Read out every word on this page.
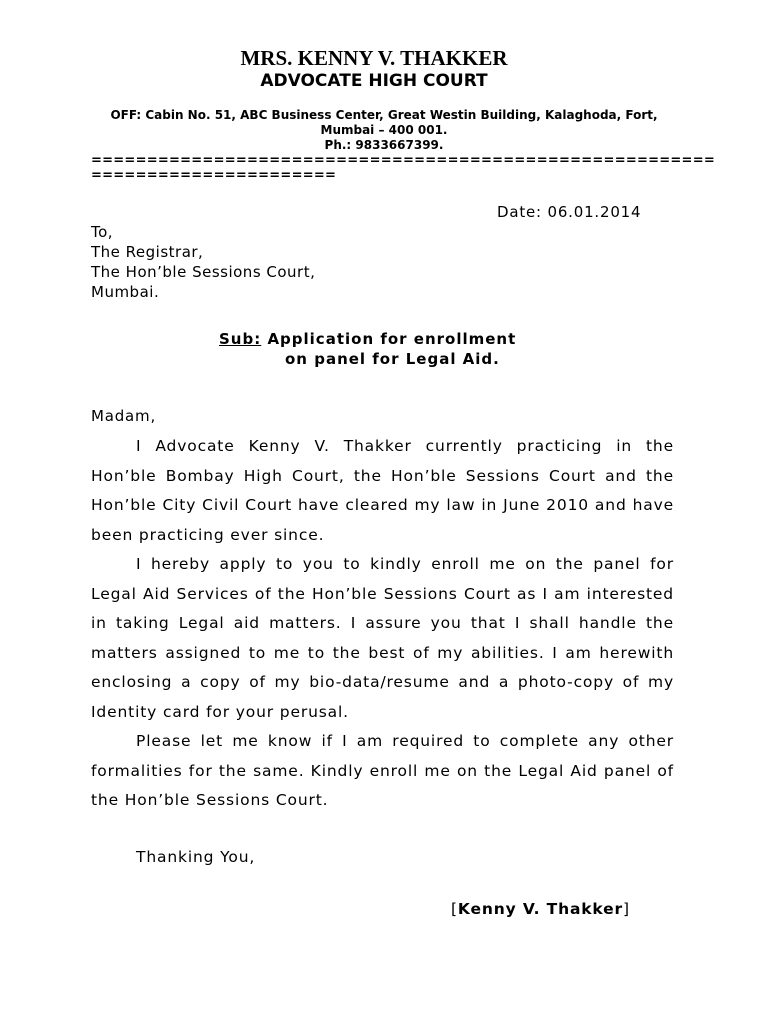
MRS. KENNY V. THAKKER
ADVOCATE HIGH COURT
OFF: Cabin No. 51, ABC Business Center, Great Westin Building, Kalaghoda, Fort,
Mumbai – 400 001.
Ph.: 9833667399.
========================================================
======================
Date: 06.01.2014
To,
The Registrar,
The Hon’ble Sessions Court,
Mumbai.
Sub: Application for enrollment
on panel for Legal Aid.
Madam,

I Advocate Kenny V. Thakker currently practicing in the Hon’ble Bombay High Court, the Hon’ble Sessions Court and the Hon’ble City Civil Court have cleared my law in June 2010 and have been practicing ever since.

I hereby apply to you to kindly enroll me on the panel for Legal Aid Services of the Hon’ble Sessions Court as I am interested in taking Legal aid matters. I assure you that I shall handle the matters assigned to me to the best of my abilities. I am herewith enclosing a copy of my bio-data/resume and a photo-copy of my Identity card for your perusal.

Please let me know if I am required to complete any other formalities for the same. Kindly enroll me on the Legal Aid panel of the Hon’ble Sessions Court.

Thanking You,
[Kenny V. Thakker]
